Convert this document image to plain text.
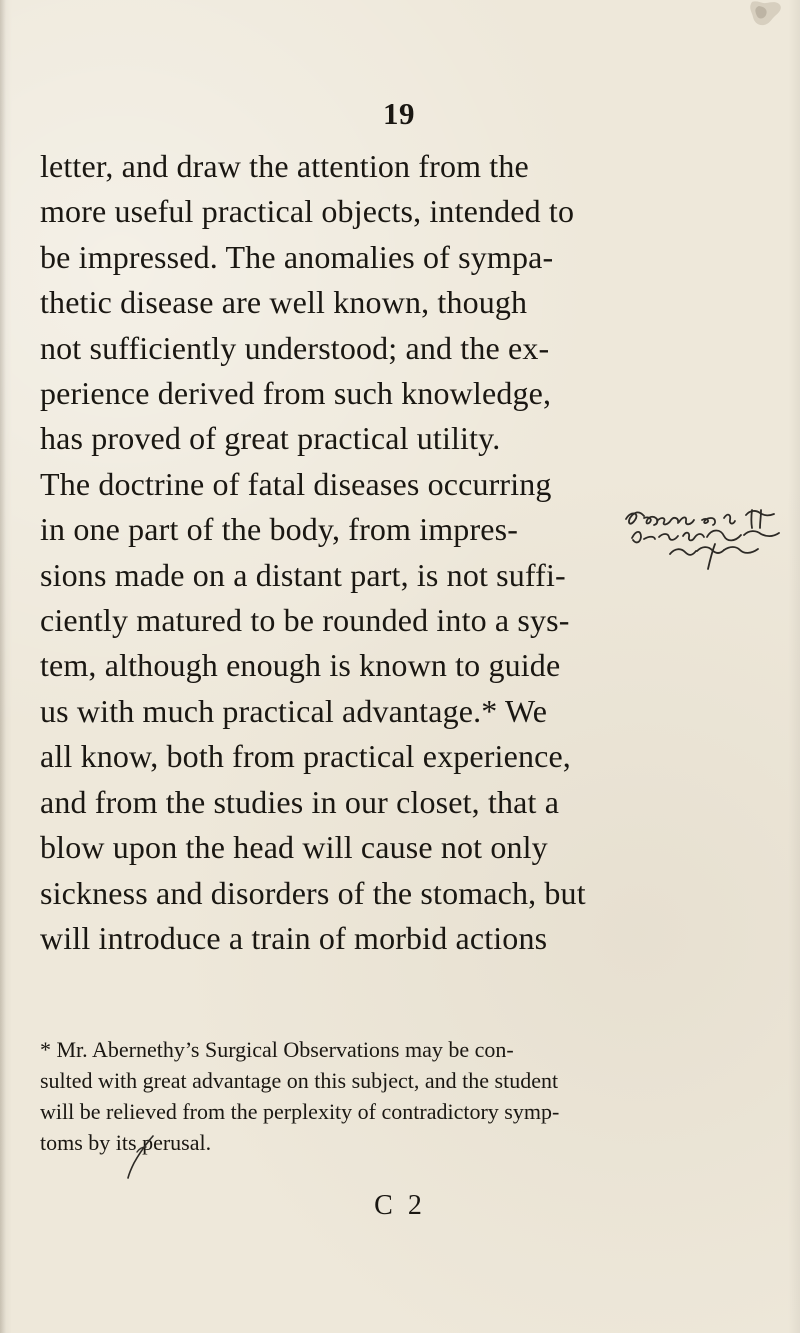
19
letter, and draw the attention from the
more useful practical objects, intended to
be impressed. The anomalies of sympa-
thetic disease are well known, though
not sufficiently understood; and the ex-
perience derived from such knowledge,
has proved of great practical utility.
The doctrine of fatal diseases occurring
in one part of the body, from impres-
sions made on a distant part, is not suffi-
ciently matured to be rounded into a sys-
tem, although enough is known to guide
us with much practical advantage.* We
all know, both from practical experience,
and from the studies in our closet, that a
blow upon the head will cause not only
sickness and disorders of the stomach, but
will introduce a train of morbid actions
* Mr. Abernethy’s Surgical Observations may be con-
sulted with great advantage on this subject, and the student
will be relieved from the perplexity of contradictory symp-
toms by its perusal.
C 2
